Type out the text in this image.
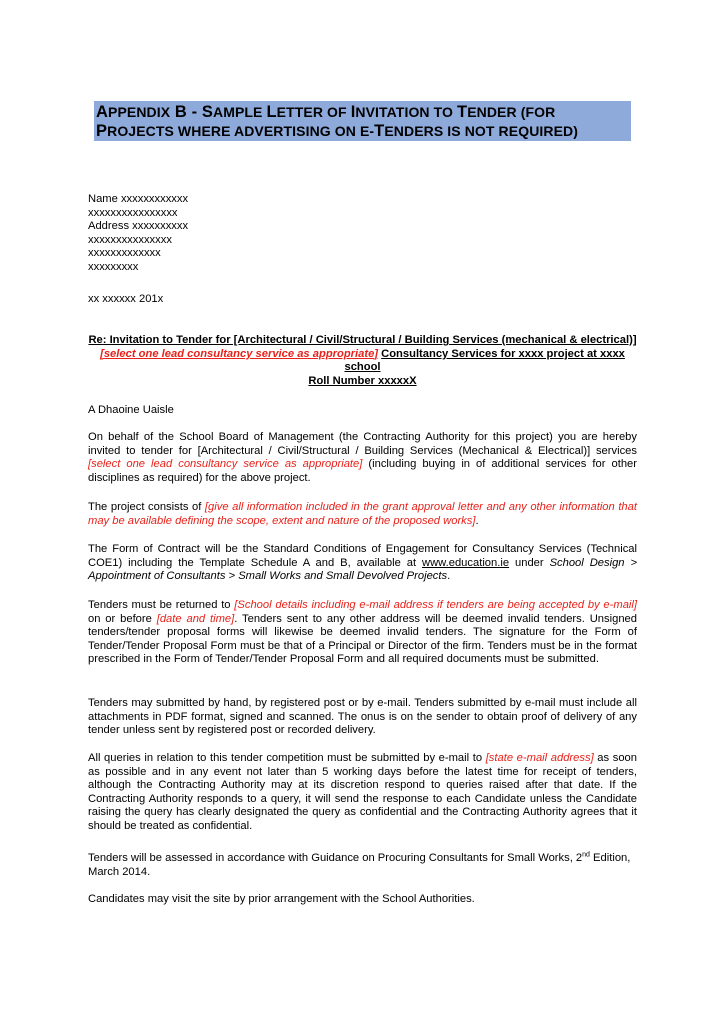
APPENDIX B - SAMPLE LETTER OF INVITATION TO TENDER (FOR
PROJECTS WHERE ADVERTISING ON E-TENDERS IS NOT REQUIRED)
Name xxxxxxxxxxxx
xxxxxxxxxxxxxxxx
Address xxxxxxxxxx
xxxxxxxxxxxxxxx
xxxxxxxxxxxxx
xxxxxxxxx
xx xxxxxx 201x
Re: Invitation to Tender for [Architectural / Civil/Structural / Building Services (mechanical & electrical)] [select one lead consultancy service as appropriate] Consultancy Services for xxxx project at xxxx school
Roll Number xxxxxX
A Dhaoine Uaisle
On behalf of the School Board of Management (the Contracting Authority for this project) you are hereby invited to tender for [Architectural / Civil/Structural / Building Services (Mechanical & Electrical)] services [select one lead consultancy service as appropriate] (including buying in of additional services for other disciplines as required) for the above project.
The project consists of [give all information included in the grant approval letter and any other information that may be available defining the scope, extent and nature of the proposed works].
The Form of Contract will be the Standard Conditions of Engagement for Consultancy Services (Technical COE1) including the Template Schedule A and B, available at www.education.ie under School Design > Appointment of Consultants > Small Works and Small Devolved Projects.
Tenders must be returned to [School details including e-mail address if tenders are being accepted by e-mail] on or before [date and time]. Tenders sent to any other address will be deemed invalid tenders. Unsigned tenders/tender proposal forms will likewise be deemed invalid tenders. The signature for the Form of Tender/Tender Proposal Form must be that of a Principal or Director of the firm. Tenders must be in the format prescribed in the Form of Tender/Tender Proposal Form and all required documents must be submitted.
Tenders may submitted by hand, by registered post or by e-mail. Tenders submitted by e-mail must include all attachments in PDF format, signed and scanned. The onus is on the sender to obtain proof of delivery of any tender unless sent by registered post or recorded delivery.
All queries in relation to this tender competition must be submitted by e-mail to [state e-mail address] as soon as possible and in any event not later than 5 working days before the latest time for receipt of tenders, although the Contracting Authority may at its discretion respond to queries raised after that date. If the Contracting Authority responds to a query, it will send the response to each Candidate unless the Candidate raising the query has clearly designated the query as confidential and the Contracting Authority agrees that it should be treated as confidential.
Tenders will be assessed in accordance with Guidance on Procuring Consultants for Small Works, 2nd Edition, March 2014.
Candidates may visit the site by prior arrangement with the School Authorities.
